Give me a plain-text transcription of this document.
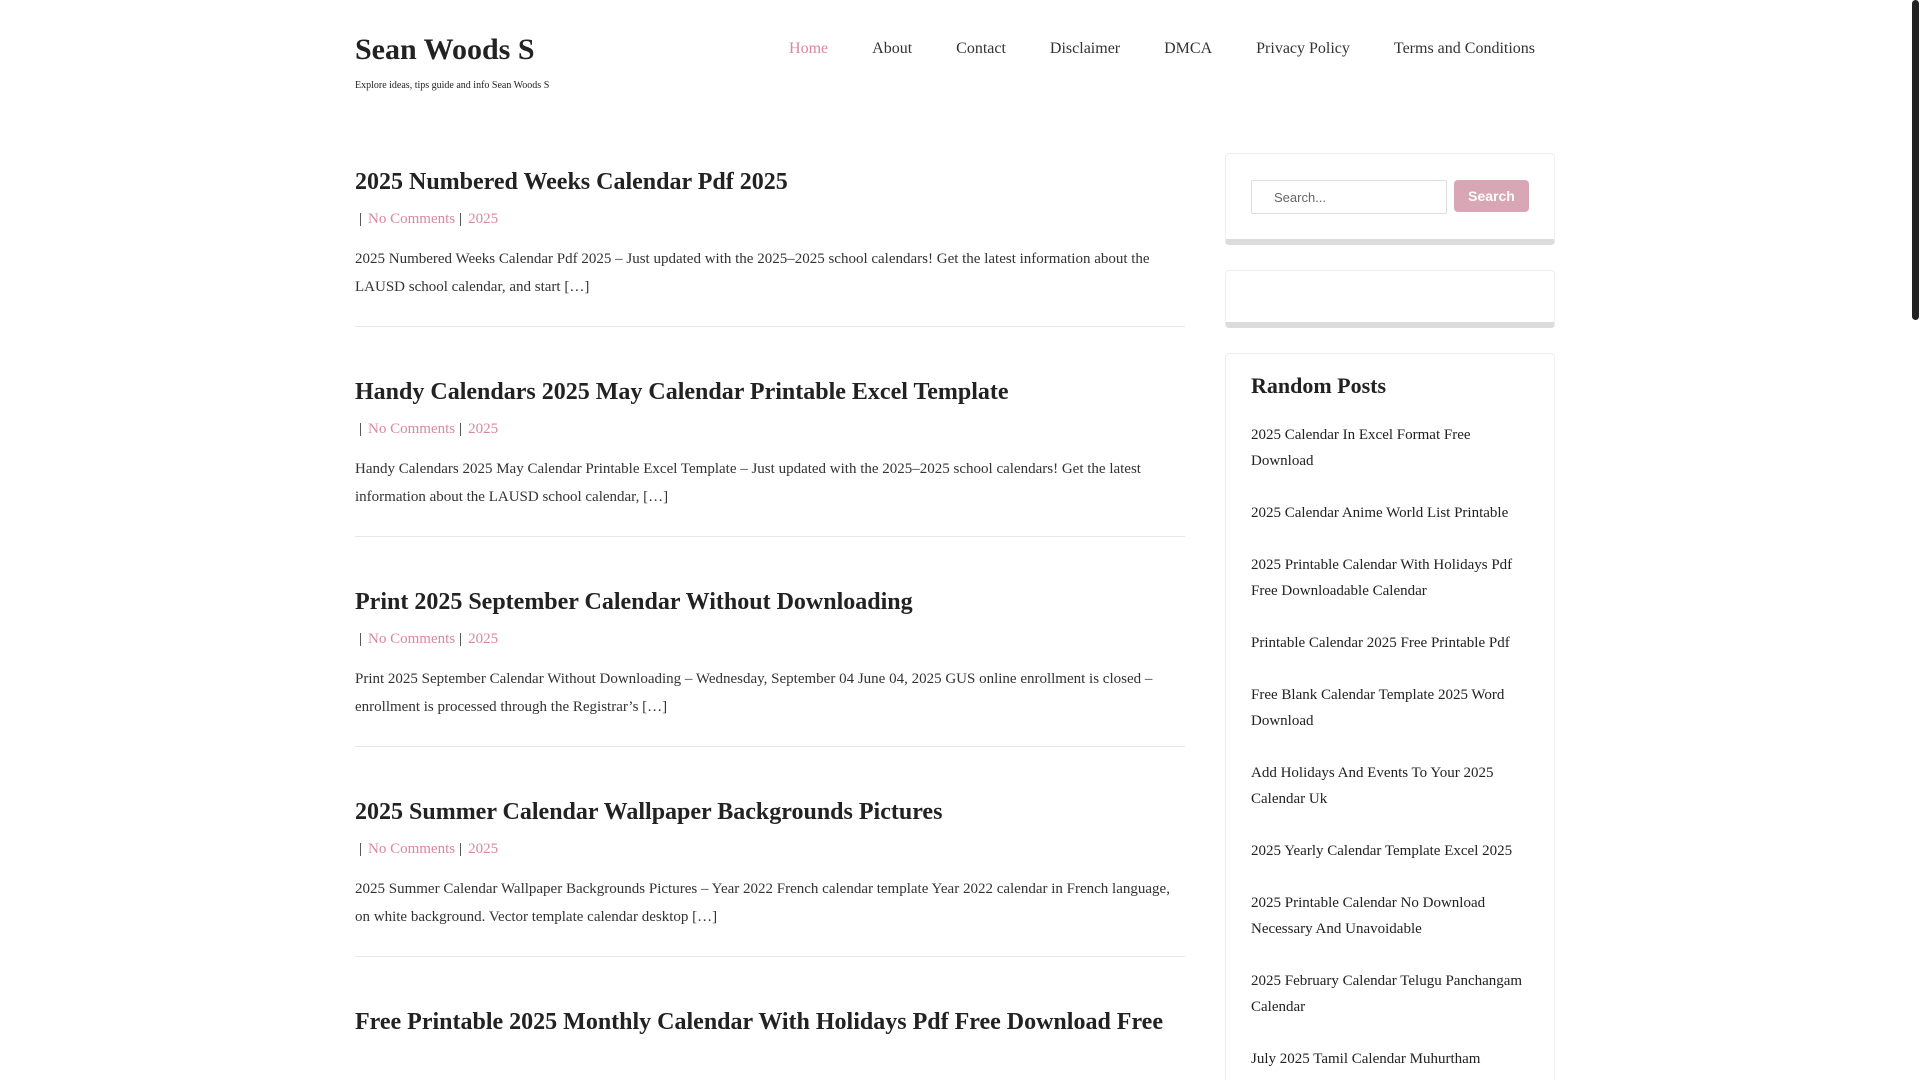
Sean Woods S
Explore ideas, tips guide and info Sean Woods S
Home	About	Contact	Disclaimer	DMCA	Privacy Policy	Terms and Conditions
2025 Numbered Weeks Calendar Pdf 2025
| No Comments | 2025

2025 Numbered Weeks Calendar Pdf 2025 – Just updated with the 2025–2025 school calendars! Get the latest information about the LAUSD school calendar, and start […]

Handy Calendars 2025 May Calendar Printable Excel Template
| No Comments | 2025

Handy Calendars 2025 May Calendar Printable Excel Template – Just updated with the 2025–2025 school calendars! Get the latest information about the LAUSD school calendar, […]

Print 2025 September Calendar Without Downloading
| No Comments | 2025

Print 2025 September Calendar Without Downloading – Wednesday, September 04 June 04, 2025 GUS online enrollment is closed – enrollment is processed through the Registrar’s […]

2025 Summer Calendar Wallpaper Backgrounds Pictures
| No Comments | 2025

2025 Summer Calendar Wallpaper Backgrounds Pictures – Year 2022 French calendar template Year 2022 calendar in French language, on white background. Vector template calendar desktop […]

Free Printable 2025 Monthly Calendar With Holidays Pdf Free Download Free
Search...
Search
Random Posts
2025 Calendar In Excel Format Free Download
2025 Calendar Anime World List Printable
2025 Printable Calendar With Holidays Pdf Free Downloadable Calendar
Printable Calendar 2025 Free Printable Pdf
Free Blank Calendar Template 2025 Word Download
Add Holidays And Events To Your 2025 Calendar Uk
2025 Yearly Calendar Template Excel 2025
2025 Printable Calendar No Download Necessary And Unavoidable
2025 February Calendar Telugu Panchangam Calendar
July 2025 Tamil Calendar Muhurtham
